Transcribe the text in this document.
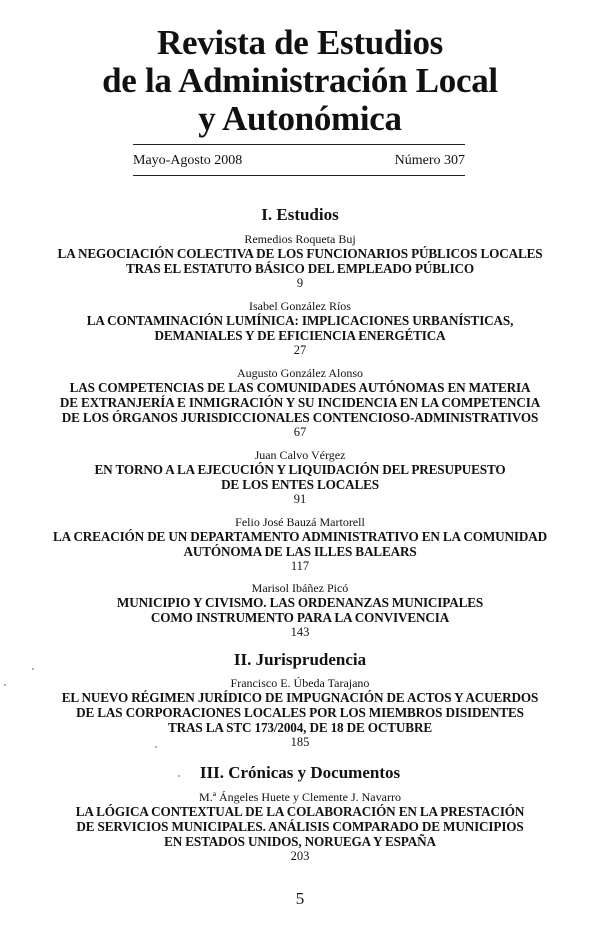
Revista de Estudios
de la Administración Local
y Autonómica
Mayo-Agosto 2008	Número 307
I. Estudios
Remedios Roqueta Buj
LA NEGOCIACIÓN COLECTIVA DE LOS FUNCIONARIOS PÚBLICOS LOCALES
TRAS EL ESTATUTO BÁSICO DEL EMPLEADO PÚBLICO
9
Isabel González Ríos
LA CONTAMINACIÓN LUMÍNICA: IMPLICACIONES URBANÍSTICAS,
DEMANIALES Y DE EFICIENCIA ENERGÉTICA
27
Augusto González Alonso
LAS COMPETENCIAS DE LAS COMUNIDADES AUTÓNOMAS EN MATERIA
DE EXTRANJERÍA E INMIGRACIÓN Y SU INCIDENCIA EN LA COMPETENCIA
DE LOS ÓRGANOS JURISDICCIONALES CONTENCIOSO-ADMINISTRATIVOS
67
Juan Calvo Vérgez
EN TORNO A LA EJECUCIÓN Y LIQUIDACIÓN DEL PRESUPUESTO
DE LOS ENTES LOCALES
91
Felio José Bauzá Martorell
LA CREACIÓN DE UN DEPARTAMENTO ADMINISTRATIVO EN LA COMUNIDAD
AUTÓNOMA DE LAS ILLES BALEARS
117
Marisol Ibáñez Picó
MUNICIPIO Y CIVISMO. LAS ORDENANZAS MUNICIPALES
COMO INSTRUMENTO PARA LA CONVIVENCIA
143
II. Jurisprudencia
Francisco E. Úbeda Tarajano
EL NUEVO RÉGIMEN JURÍDICO DE IMPUGNACIÓN DE ACTOS Y ACUERDOS
DE LAS CORPORACIONES LOCALES POR LOS MIEMBROS DISIDENTES
TRAS LA STC 173/2004, DE 18 DE OCTUBRE
185
III. Crónicas y Documentos
M.ª Ángeles Huete y Clemente J. Navarro
LA LÓGICA CONTEXTUAL DE LA COLABORACIÓN EN LA PRESTACIÓN
DE SERVICIOS MUNICIPALES. ANÁLISIS COMPARADO DE MUNICIPIOS
EN ESTADOS UNIDOS, NORUEGA Y ESPAÑA
203
5
